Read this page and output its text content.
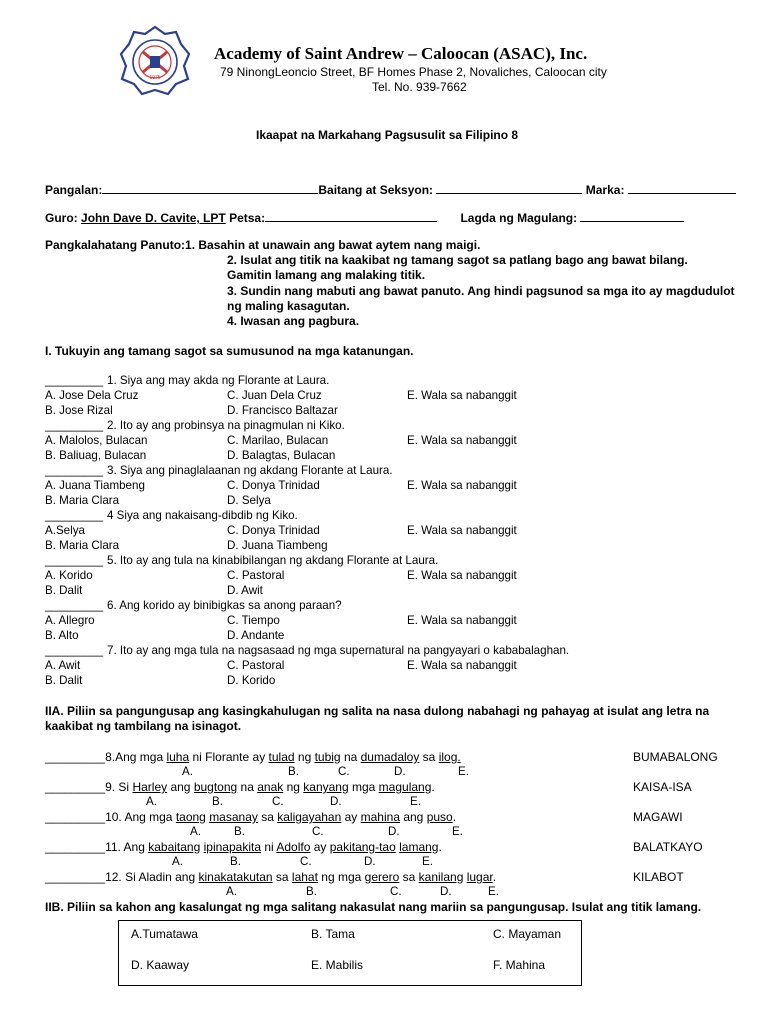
1975
Academy of Saint Andrew – Caloocan (ASAC), Inc.
79 NinongLeoncio Street, BF Homes Phase 2, Novaliches, Caloocan city
Tel. No. 939-7662
Ikaapat na Markahang Pagsusulit sa Filipino 8
Pangalan:	Baitang at Seksyon:	Marka:
Guro: John Dave D. Cavite, LPT Petsa:	Lagda ng Magulang:
Pangkalahatang Panuto:1. Basahin at unawain ang bawat aytem nang maigi.
2. Isulat ang titik na kaakibat ng tamang sagot sa patlang bago ang bawat bilang.
Gamitin lamang ang malaking titik.
3. Sundin nang mabuti ang bawat panuto. Ang hindi pagsunod sa mga ito ay magdudulot
ng maling kasagutan.
4. Iwasan ang pagbura.
I. Tukuyin ang tamang sagot sa sumusunod na mga katanungan.
_________ 1. Siya ang may akda ng Florante at Laura.
A. Jose Dela Cruz	C. Juan Dela Cruz	E. Wala sa nabanggit
B. Jose Rizal	D. Francisco Baltazar
_________ 2. Ito ay ang probinsya na pinagmulan ni Kiko.
A. Malolos, Bulacan	C. Marilao, Bulacan	E. Wala sa nabanggit
B. Baliuag, Bulacan	D. Balagtas, Bulacan
_________ 3. Siya ang pinaglalaanan ng akdang Florante at Laura.
A. Juana Tiambeng	C. Donya Trinidad	E. Wala sa nabanggit
B. Maria Clara	D. Selya
_________ 4 Siya ang nakaisang-dibdib ng Kiko.
A.Selya	C. Donya Trinidad	E. Wala sa nabanggit
B. Maria Clara	D. Juana Tiambeng
_________ 5. Ito ay ang tula na kinabibilangan ng akdang Florante at Laura.
A. Korido	C. Pastoral	E. Wala sa nabanggit
B. Dalit	D. Awit
_________ 6. Ang korido ay binibigkas sa anong paraan?
A. Allegro	C. Tiempo	E. Wala sa nabanggit
B. Alto	D. Andante
_________ 7. Ito ay ang mga tula na nagsasaad ng mga supernatural na pangyayari o kababalaghan.
A. Awit	C. Pastoral	E. Wala sa nabanggit
B. Dalit	D. Korido
IIA. Piliin sa pangungusap ang kasingkahulugan ng salita na nasa dulong nabahagi ng pahayag at isulat ang letra na
kaakibat ng tambilang na isinagot.
_________8.Ang mga luha ni Florante ay tulad ng tubig na dumadaloy sa ilog.	BUMABALONG
A.	B.	C.	D.	E.
_________9. Si Harley ang bugtong na anak ng kanyang mga magulang.	KAISA-ISA
A.	B.	C.	D.	E.
_________10. Ang mga taong masanay sa kaligayahan ay mahina ang puso.	MAGAWI
A.	B.	C.	D.	E.
_________11. Ang kabaitang ipinapakita ni Adolfo ay pakitang-tao lamang.	BALATKAYO
A.	B.	C.	D.	E.
_________12. Si Aladin ang kinakatakutan sa lahat ng mga gerero sa kanilang lugar.	KILABOT
A.	B.	C.	D.	E.
IIB. Piliin sa kahon ang kasalungat ng mga salitang nakasulat nang mariin sa pangungusap. Isulat ang titik lamang.
A.Tumatawa	B. Tama	C. Mayaman
D. Kaaway	E. Mabilis	F. Mahina
